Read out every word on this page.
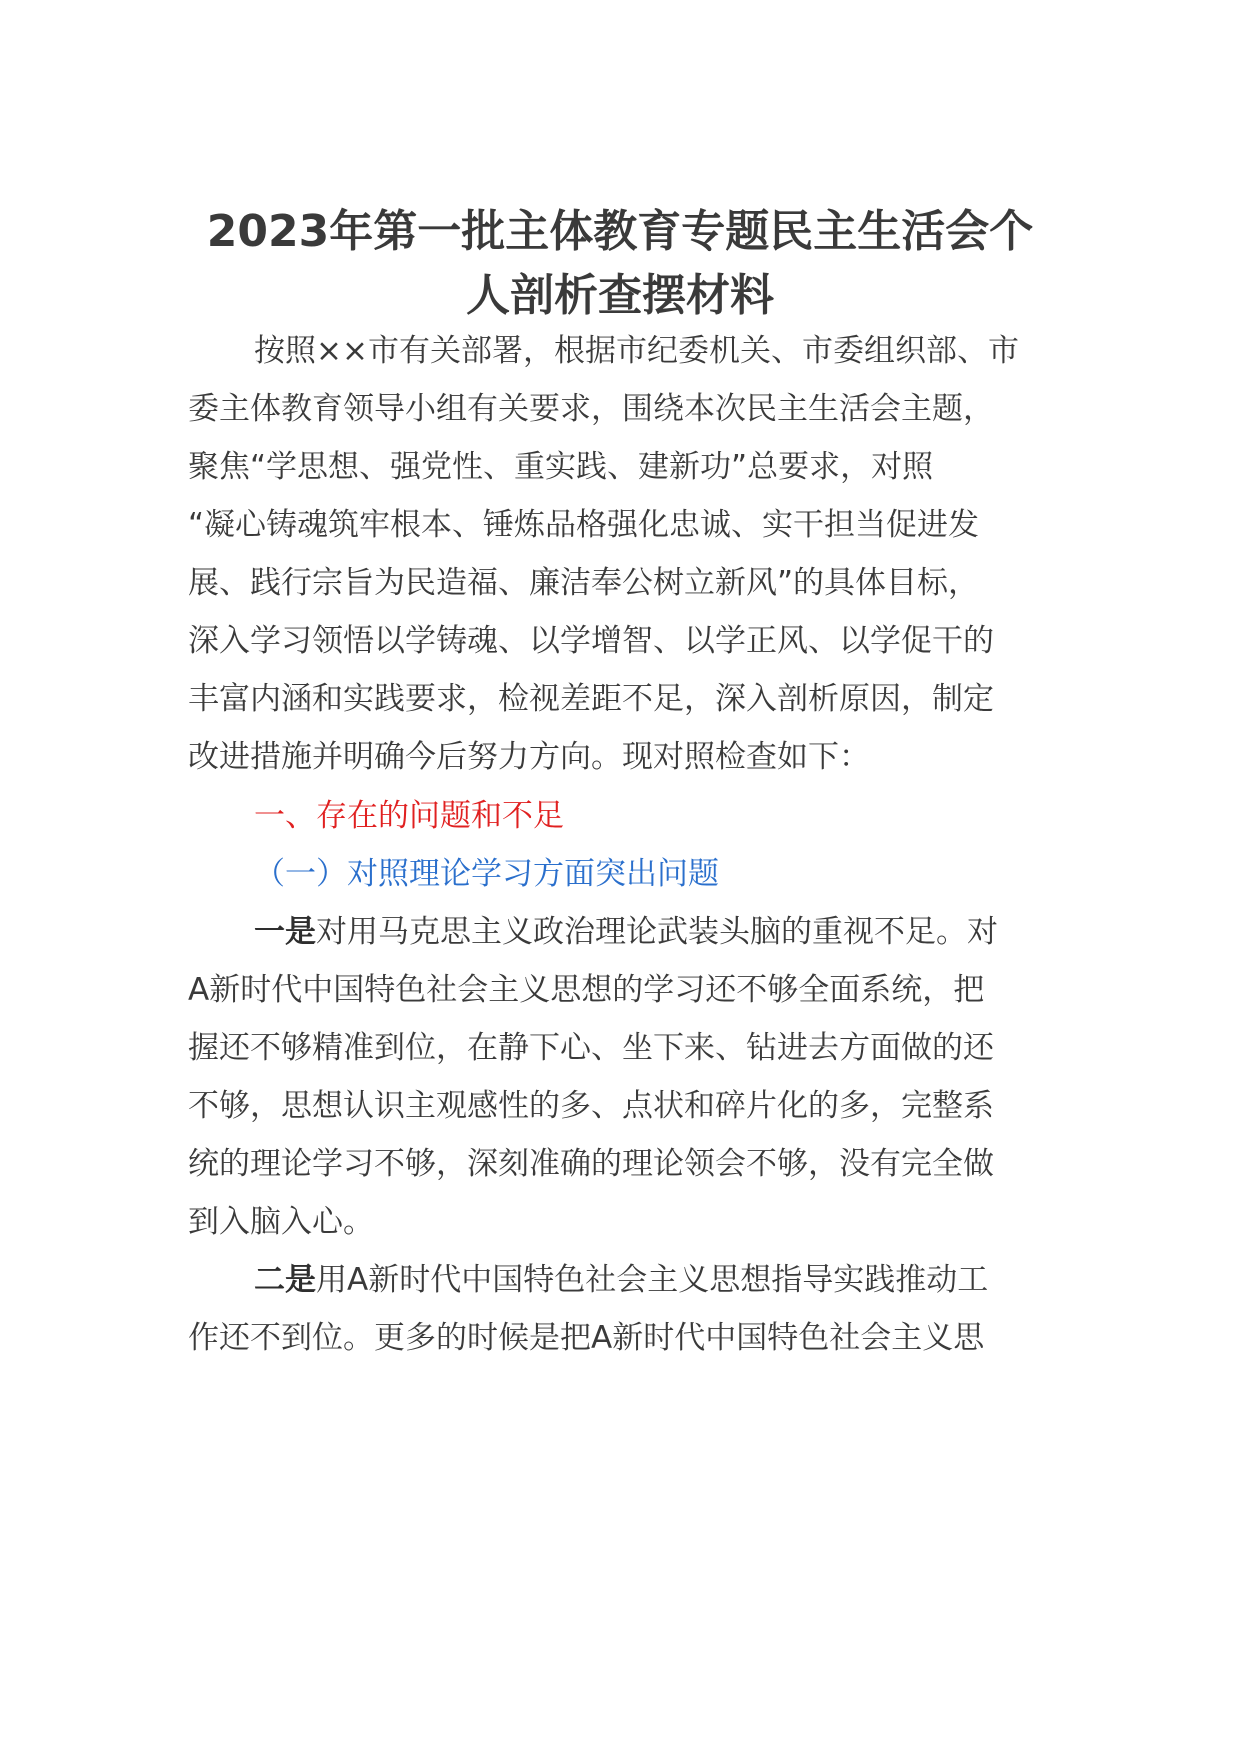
2023年第一批主体教育专题民主生活会个
人剖析查摆材料

按照××市有关部署，根据市纪委机关、市委组织部、市

委主体教育领导小组有关要求，围绕本次民主生活会主题，

聚焦“学思想、强党性、重实践、建新功”总要求，对照

“凝心铸魂筑牢根本、锤炼品格强化忠诚、实干担当促进发

展、践行宗旨为民造福、廉洁奉公树立新风”的具体目标，

深入学习领悟以学铸魂、以学增智、以学正风、以学促干的

丰富内涵和实践要求，检视差距不足，深入剖析原因，制定

改进措施并明确今后努力方向。现对照检查如下：

一、存在的问题和不足

（一）对照理论学习方面突出问题

一是对用马克思主义政治理论武装头脑的重视不足。对

A新时代中国特色社会主义思想的学习还不够全面系统，把

握还不够精准到位，在静下心、坐下来、钻进去方面做的还

不够，思想认识主观感性的多、点状和碎片化的多，完整系

统的理论学习不够，深刻准确的理论领会不够，没有完全做

到入脑入心。

二是用A新时代中国特色社会主义思想指导实践推动工

作还不到位。更多的时候是把A新时代中国特色社会主义思
